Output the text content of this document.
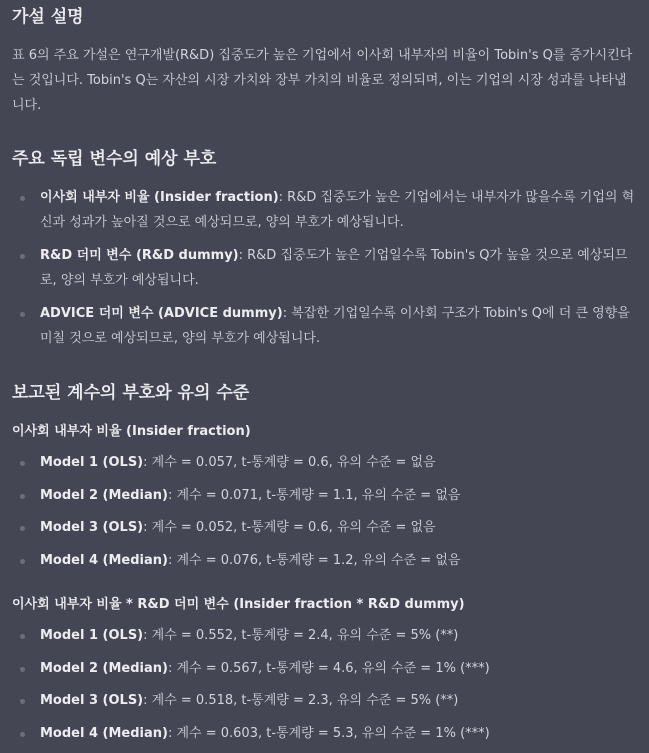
가설 설명

표 6의 주요 가설은 연구개발(R&D) 집중도가 높은 기업에서 이사회 내부자의 비율이 Tobin's Q를 증가시킨다는 것입니다. Tobin's Q는 자산의 시장 가치와 장부 가치의 비율로 정의되며, 이는 기업의 시장 성과를 나타냅니다.

주요 독립 변수의 예상 부호
이사회 내부자 비율 (Insider fraction): R&D 집중도가 높은 기업에서는 내부자가 많을수록 기업의 혁신과 성과가 높아질 것으로 예상되므로, 양의 부호가 예상됩니다.
R&D 더미 변수 (R&D dummy): R&D 집중도가 높은 기업일수록 Tobin's Q가 높을 것으로 예상되므로, 양의 부호가 예상됩니다.
ADVICE 더미 변수 (ADVICE dummy): 복잡한 기업일수록 이사회 구조가 Tobin's Q에 더 큰 영향을 미칠 것으로 예상되므로, 양의 부호가 예상됩니다.
보고된 계수의 부호와 유의 수준
이사회 내부자 비율 (Insider fraction)
Model 1 (OLS): 계수 = 0.057, t-통계량 = 0.6, 유의 수준 = 없음
Model 2 (Median): 계수 = 0.071, t-통계량 = 1.1, 유의 수준 = 없음
Model 3 (OLS): 계수 = 0.052, t-통계량 = 0.6, 유의 수준 = 없음
Model 4 (Median): 계수 = 0.076, t-통계량 = 1.2, 유의 수준 = 없음
이사회 내부자 비율 * R&D 더미 변수 (Insider fraction * R&D dummy)
Model 1 (OLS): 계수 = 0.552, t-통계량 = 2.4, 유의 수준 = 5% (**)
Model 2 (Median): 계수 = 0.567, t-통계량 = 4.6, 유의 수준 = 1% (***)
Model 3 (OLS): 계수 = 0.518, t-통계량 = 2.3, 유의 수준 = 5% (**)
Model 4 (Median): 계수 = 0.603, t-통계량 = 5.3, 유의 수준 = 1% (***)
